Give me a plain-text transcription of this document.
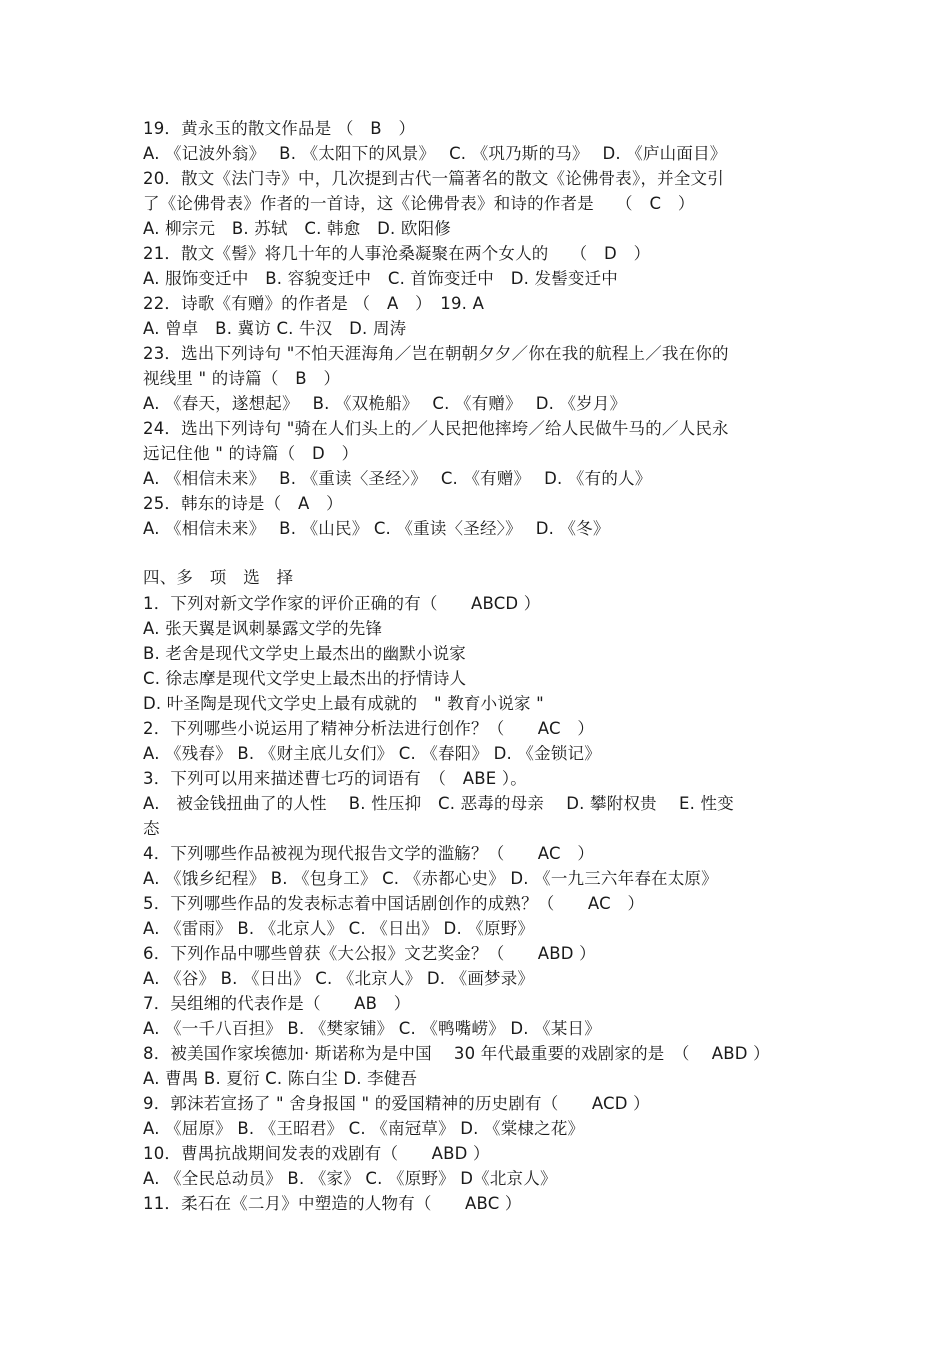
19．黄永玉的散文作品是 （　B　）
A. 《记波外翁》　 B. 《太阳下的风景》　 C. 《巩乃斯的马》　 D. 《庐山面目》
20．散文《法门寺》中，几次提到古代一篇著名的散文《论佛骨表》，并全文引
了《论佛骨表》作者的一首诗，这《论佛骨表》和诗的作者是　 （　C　）
A. 柳宗元　B. 苏轼　C. 韩愈　D. 欧阳修
21．散文《髻》将几十年的人事沧桑凝聚在两个女人的　 （　D　）
A. 服饰变迁中　B. 容貌变迁中　C. 首饰变迁中　D. 发髻变迁中
22．诗歌《有赠》的作者是 （　A　）　19. A
A. 曾卓　B. 冀访 C. 牛汉　D. 周涛
23．选出下列诗句 "不怕天涯海角／岂在朝朝夕夕／你在我的航程上／我在你的
视线里 " 的诗篇（　B　）
A. 《春天，遂想起》　 B. 《双桅船》　 C. 《有赠》　 D. 《岁月》
24．选出下列诗句 "骑在人们头上的／人民把他摔垮／给人民做牛马的／人民永
远记住他 " 的诗篇（　D　）
A. 《相信未来》　 B. 《重读〈圣经〉》　 C. 《有赠》　 D. 《有的人》
25．韩东的诗是（　A　）
A. 《相信未来》　 B. 《山民》 C. 《重读〈圣经〉》　 D. 《冬》
四、多　项　选　择
1．下列对新文学作家的评价正确的有（　　ABCD ）
A. 张天翼是讽刺暴露文学的先锋
B. 老舍是现代文学史上最杰出的幽默小说家
C. 徐志摩是现代文学史上最杰出的抒情诗人
D. 叶圣陶是现代文学史上最有成就的　" 教育小说家 "
2．下列哪些小说运用了精神分析法进行创作？（　　AC　）
A. 《残春》 B. 《财主底儿女们》 C. 《春阳》 D. 《金锁记》
3．下列可以用来描述曹七巧的词语有　（　ABE ）。
A.　被金钱扭曲了的人性　 B. 性压抑　C. 恶毒的母亲　 D. 攀附权贵　 E. 性变
态
4．下列哪些作品被视为现代报告文学的滥觞？（　　AC　）
A. 《饿乡纪程》 B. 《包身工》 C. 《赤都心史》 D. 《一九三六年春在太原》
5．下列哪些作品的发表标志着中国话剧创作的成熟？（　　AC　）
A. 《雷雨》 B. 《北京人》 C. 《日出》 D. 《原野》
6．下列作品中哪些曾获《大公报》文艺奖金？（　　ABD ）
A. 《谷》 B. 《日出》 C. 《北京人》 D. 《画梦录》
7．吴组缃的代表作是（　　AB　）
A. 《一千八百担》 B. 《樊家铺》 C. 《鸭嘴崂》 D. 《某日》
8．被美国作家埃德加· 斯诺称为是中国　 30 年代最重要的戏剧家的是　（　 ABD ）
A. 曹禺 B. 夏衍 C. 陈白尘 D. 李健吾
9．郭沫若宣扬了 " 舍身报国 " 的爱国精神的历史剧有（　　ACD ）
A. 《屈原》 B. 《王昭君》 C. 《南冠草》 D. 《棠棣之花》
10．曹禺抗战期间发表的戏剧有（　　ABD ）
A. 《全民总动员》 B. 《家》 C. 《原野》 D《北京人》
11．柔石在《二月》中塑造的人物有（　　ABC ）
